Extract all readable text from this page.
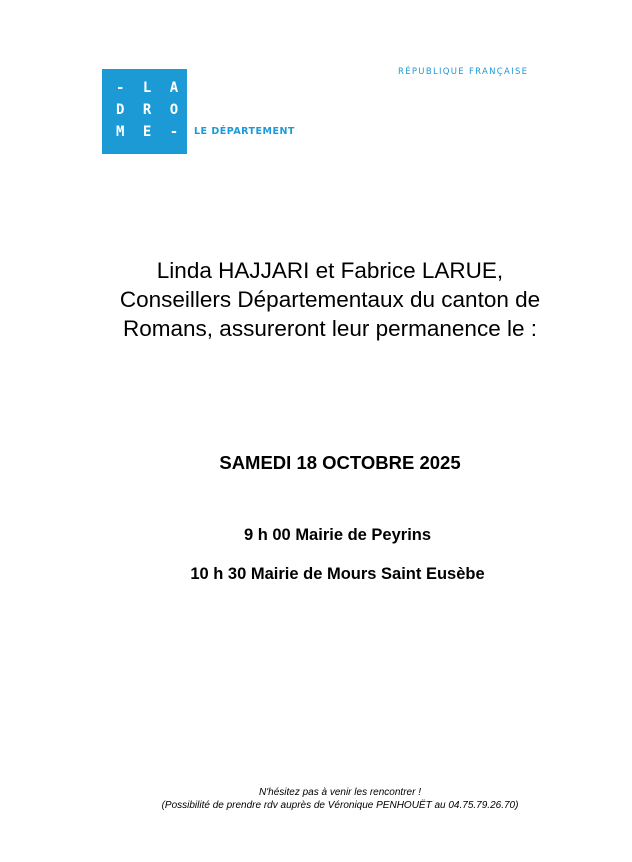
- L A
D R O
M E - LE DÉPARTEMENT
RÉPUBLIQUE FRANÇAISE
Linda HAJJARI et Fabrice LARUE,
Conseillers Départementaux du canton de
Romans, assureront leur permanence le :
SAMEDI 18 OCTOBRE 2025
9 h 00 Mairie de Peyrins
10 h 30 Mairie de Mours Saint Eusèbe
N'hésitez pas à venir les rencontrer !
(Possibilité de prendre rdv auprès de Véronique PENHOUËT au 04.75.79.26.70)
